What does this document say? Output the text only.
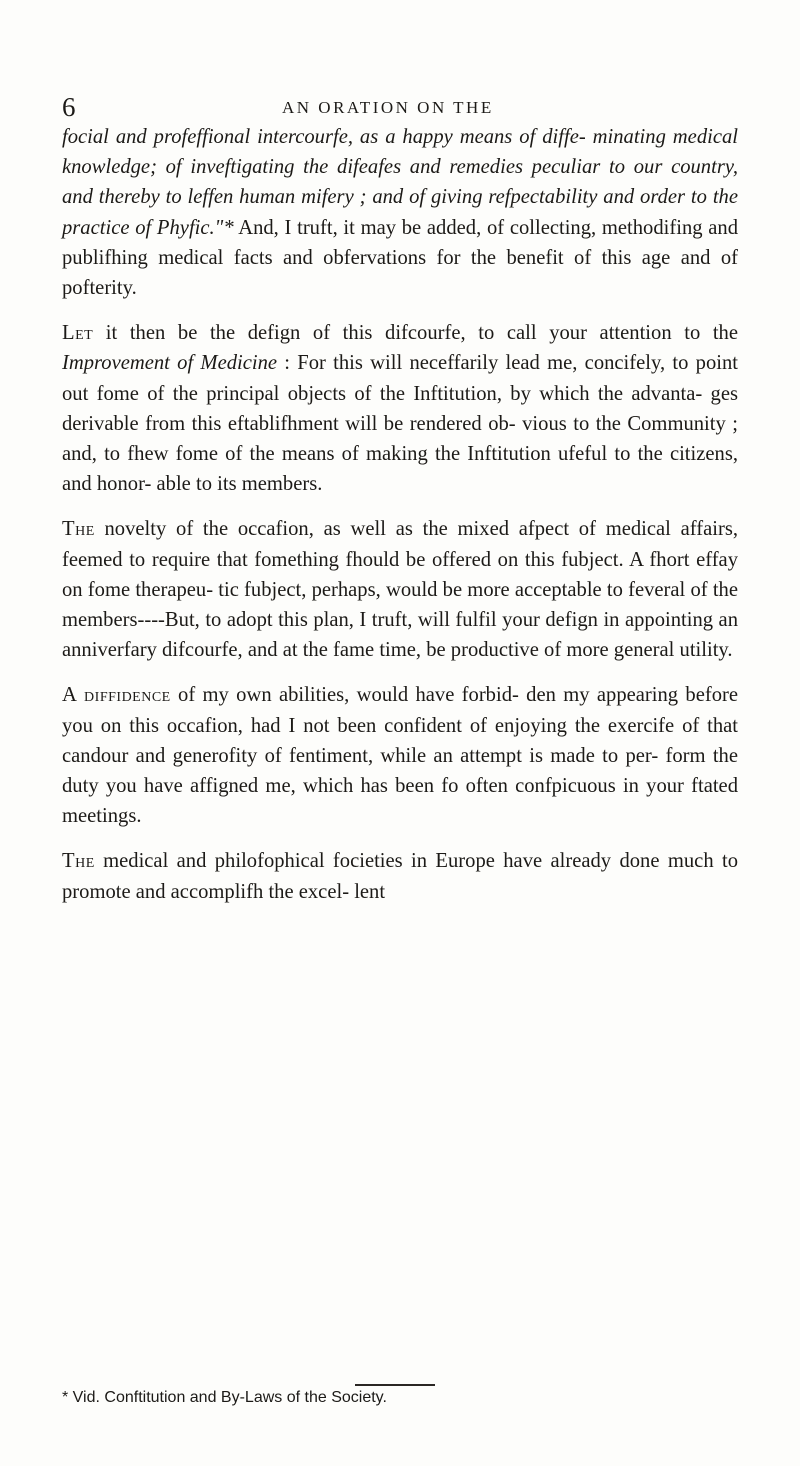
6	AN ORATION ON THE

focial and profeffional intercourfe, as a happy means of diffe- minating medical knowledge; of inveftigating the difeafes and remedies peculiar to our country, and thereby to leffen human mifery ; and of giving refpectability and order to the practice of Phyfic."* And, I truft, it may be added, of collecting, methodifing and publifhing medical facts and obfervations for the benefit of this age and of pofterity.

Let it then be the defign of this difcourfe, to call your attention to the Improvement of Medicine : For this will neceffarily lead me, concifely, to point out fome of the principal objects of the Inftitution, by which the advanta- ges derivable from this eftablifhment will be rendered ob- vious to the Community ; and, to fhew fome of the means of making the Inftitution ufeful to the citizens, and honor- able to its members.

The novelty of the occafion, as well as the mixed afpect of medical affairs, feemed to require that fomething fhould be offered on this fubject. A fhort effay on fome therapeu- tic fubject, perhaps, would be more acceptable to feveral of the members----But, to adopt this plan, I truft, will fulfil your defign in appointing an anniverfary difcourfe, and at the fame time, be productive of more general utility.

A diffidence of my own abilities, would have forbid- den my appearing before you on this occafion, had I not been confident of enjoying the exercife of that candour and generofity of fentiment, while an attempt is made to per- form the duty you have affigned me, which has been fo often confpicuous in your ftated meetings.

The medical and philofophical focieties in Europe have already done much to promote and accomplifh the excel- lent

* Vid. Conftitution and By-Laws of the Society.
